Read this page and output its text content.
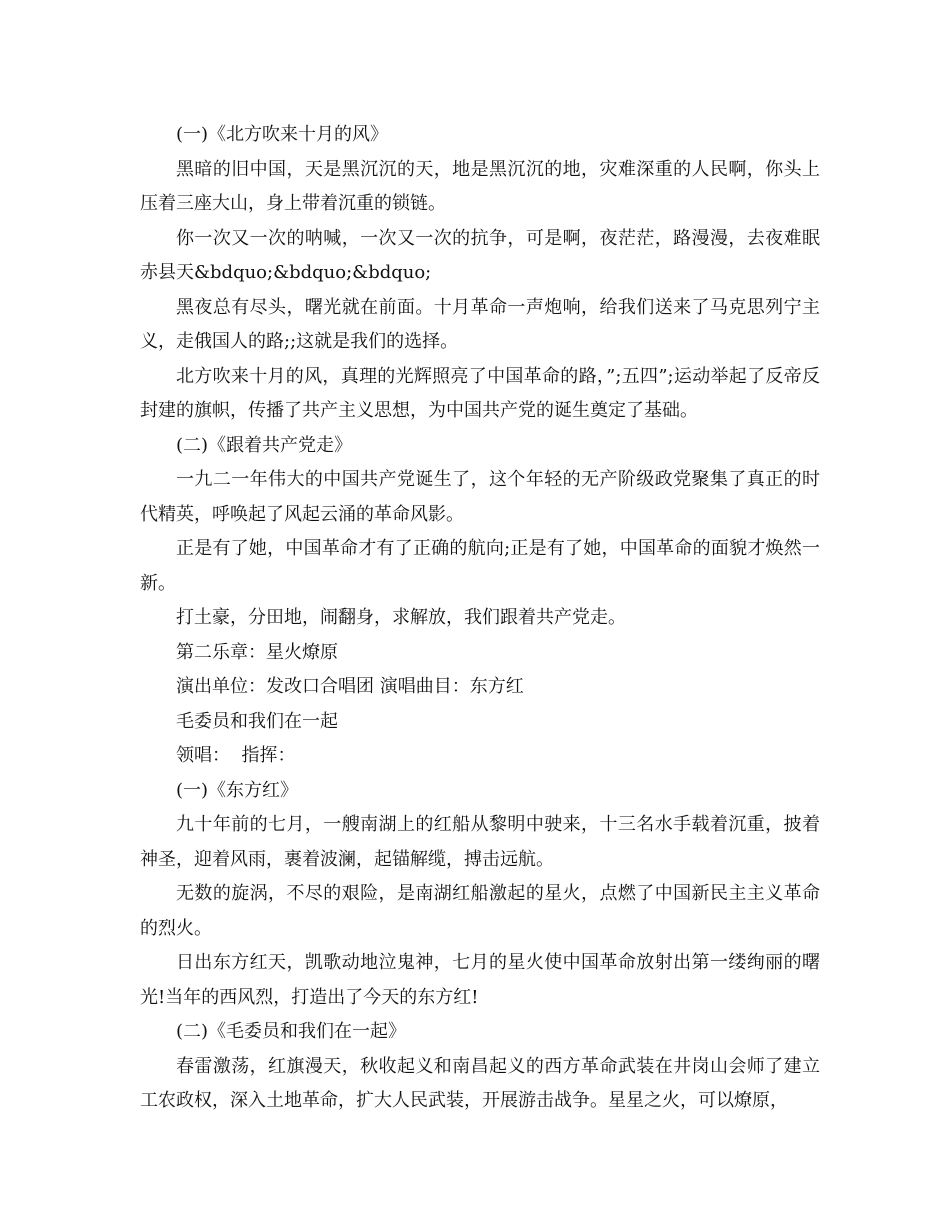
(一)《北方吹来十月的风》

黑暗的旧中国，天是黑沉沉的天，地是黑沉沉的地，灾难深重的人民啊，你头上压着三座大山，身上带着沉重的锁链。

你一次又一次的呐喊，一次又一次的抗争，可是啊，夜茫茫，路漫漫，去夜难眠赤县天&bdquo;&bdquo;&bdquo;

黑夜总有尽头，曙光就在前面。十月革命一声炮响，给我们送来了马克思列宁主义，走俄国人的路;;这就是我们的选择。

北方吹来十月的风，真理的光辉照亮了中国革命的路，”;五四”;运动举起了反帝反封建的旗帜，传播了共产主义思想，为中国共产党的诞生奠定了基础。

(二)《跟着共产党走》

一九二一年伟大的中国共产党诞生了，这个年轻的无产阶级政党聚集了真正的时代精英，呼唤起了风起云涌的革命风影。

正是有了她，中国革命才有了正确的航向;正是有了她，中国革命的面貌才焕然一新。

打土豪，分田地，闹翻身，求解放，我们跟着共产党走。

第二乐章：星火燎原

演出单位：发改口合唱团 演唱曲目：东方红

毛委员和我们在一起

领唱：  指挥：

(一)《东方红》

九十年前的七月，一艘南湖上的红船从黎明中驶来，十三名水手载着沉重，披着神圣，迎着风雨，裹着波澜，起锚解缆，搏击远航。

无数的旋涡，不尽的艰险，是南湖红船激起的星火，点燃了中国新民主主义革命的烈火。

日出东方红天，凯歌动地泣鬼神，七月的星火使中国革命放射出第一缕绚丽的曙光!当年的西风烈，打造出了今天的东方红!

(二)《毛委员和我们在一起》

春雷激荡，红旗漫天，秋收起义和南昌起义的西方革命武装在井岗山会师了建立工农政权，深入土地革命，扩大人民武装，开展游击战争。星星之火，可以燎原，
